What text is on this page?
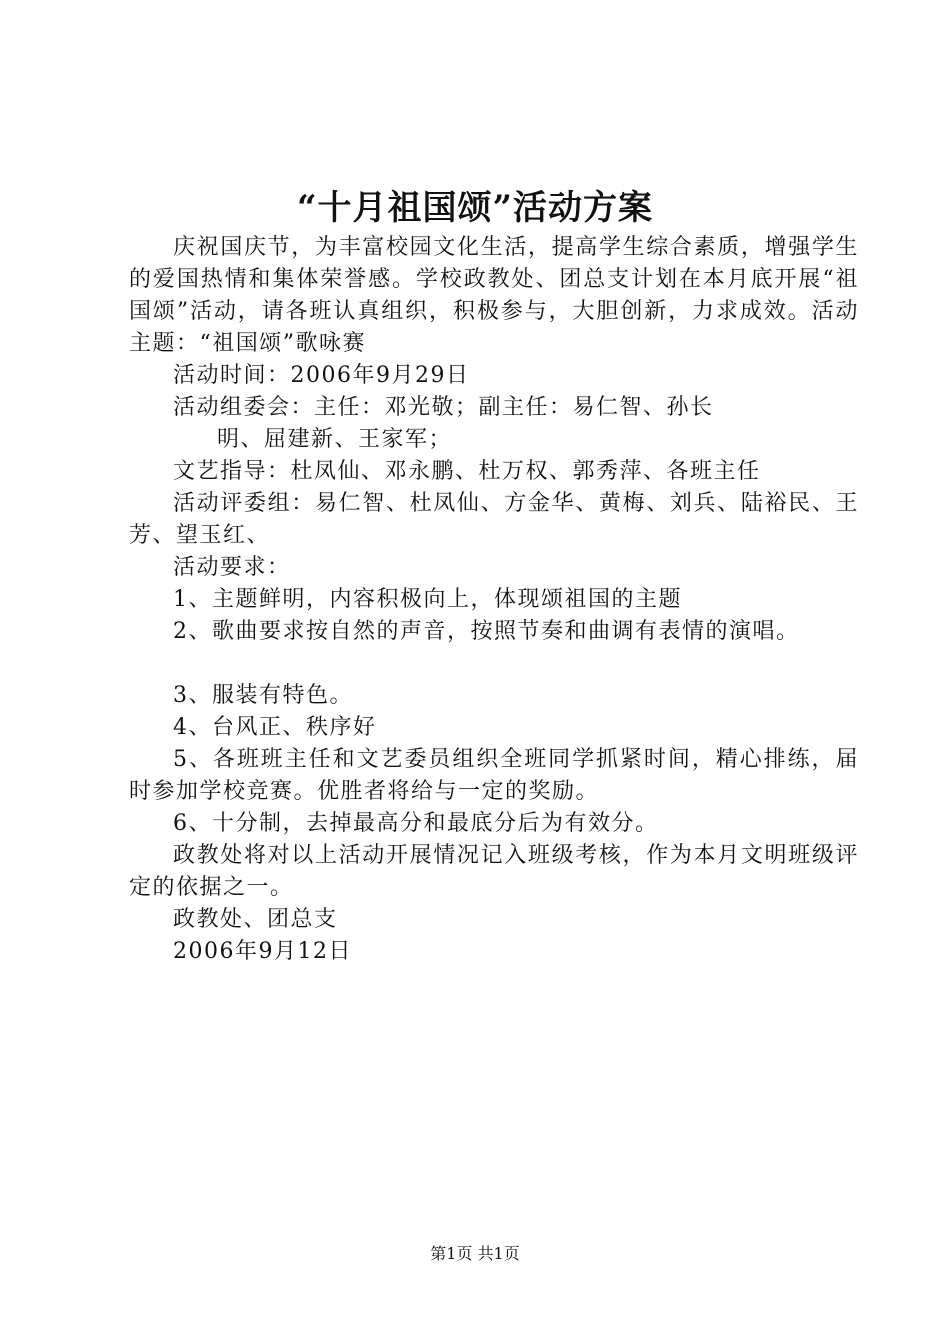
“十月祖国颂”活动方案

庆祝国庆节，为丰富校园文化生活，提高学生综合素质，增强学生的爱国热情和集体荣誉感。学校政教处、团总支计划在本月底开展“祖国颂”活动，请各班认真组织，积极参与，大胆创新，力求成效。活动主题：“祖国颂”歌咏赛

活动时间：2006年9月29日

活动组委会：主任：邓光敬；副主任：易仁智、孙长
明、屈建新、王家军；

文艺指导：杜凤仙、邓永鹏、杜万权、郭秀萍、各班主任

活动评委组：易仁智、杜凤仙、方金华、黄梅、刘兵、陆裕民、王芳、望玉红、

活动要求：

1、主题鲜明，内容积极向上，体现颂祖国的主题

2、歌曲要求按自然的声音，按照节奏和曲调有表情的演唱。

3、服装有特色。

4、台风正、秩序好

5、各班班主任和文艺委员组织全班同学抓紧时间，精心排练，届时参加学校竞赛。优胜者将给与一定的奖励。

6、十分制，去掉最高分和最底分后为有效分。

政教处将对以上活动开展情况记入班级考核，作为本月文明班级评定的依据之一。

政教处、团总支

2006年9月12日

第1页 共1页
